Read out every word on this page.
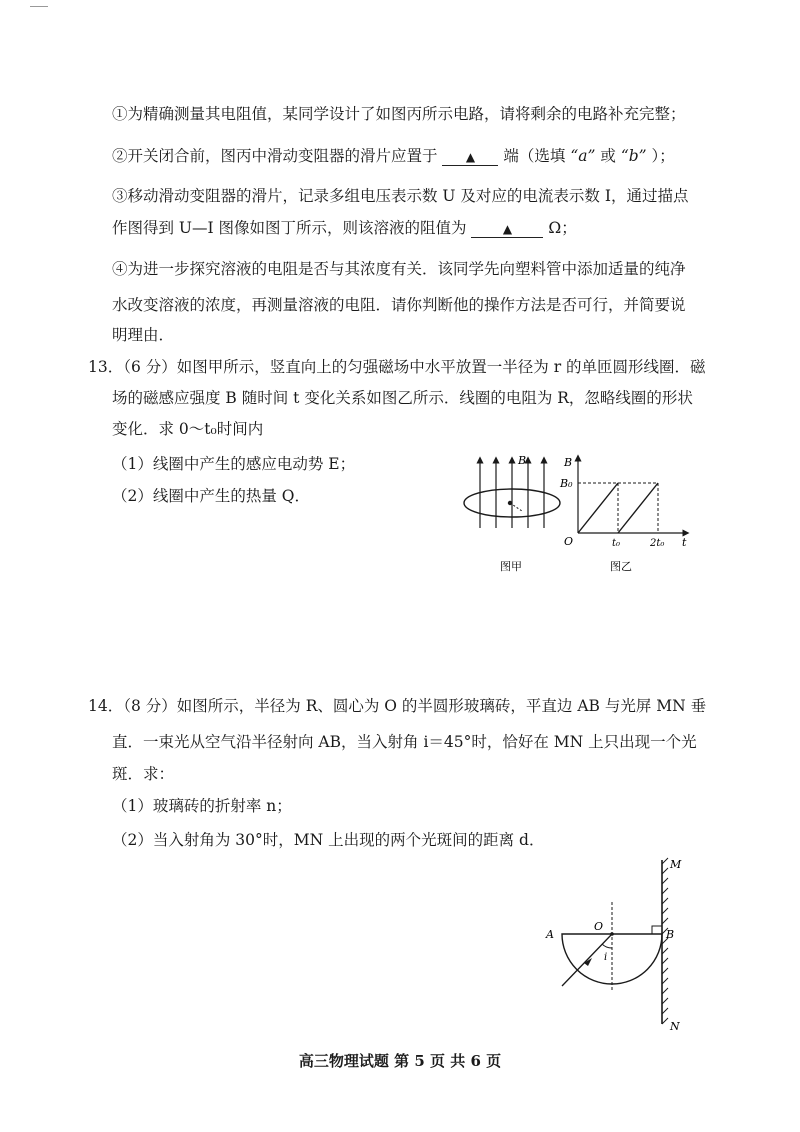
①为精确测量其电阻值，某同学设计了如图丙所示电路，请将剩余的电路补充完整；
②开关闭合前，图丙中滑动变阻器的滑片应置于 ▲ 端（选填 “a” 或 “b” ）；
③移动滑动变阻器的滑片，记录多组电压表示数 U 及对应的电流表示数 I，通过描点
作图得到 U—I 图像如图丁所示，则该溶液的阻值为	▲ Ω；
④为进一步探究溶液的电阻是否与其浓度有关．该同学先向塑料管中添加适量的纯净
水改变溶液的浓度，再测量溶液的电阻．请你判断他的操作方法是否可行，并简要说
明理由．
13．（6 分）如图甲所示，竖直向上的匀强磁场中水平放置一半径为 r 的单匝圆形线圈．磁
场的磁感应强度 B 随时间 t 变化关系如图乙所示．线圈的电阻为 R，忽略线圈的形状
变化．求 0～t₀时间内
（1）线圈中产生的感应电动势 E；
（2）线圈中产生的热量 Q．
B
图甲
B
B₀
O	t₀	2t₀ t
图乙
14．（8 分）如图所示，半径为 R、圆心为 O 的半圆形玻璃砖，平直边 AB 与光屏 MN 垂
直．一束光从空气沿半径射向 AB，当入射角 i＝45°时，恰好在 MN 上只出现一个光
斑．求：
（1）玻璃砖的折射率 n；
（2）当入射角为 30°时，MN 上出现的两个光斑间的距离 d．
M
N
A	B
O
i
高三物理试题 第 5 页 共 6 页
